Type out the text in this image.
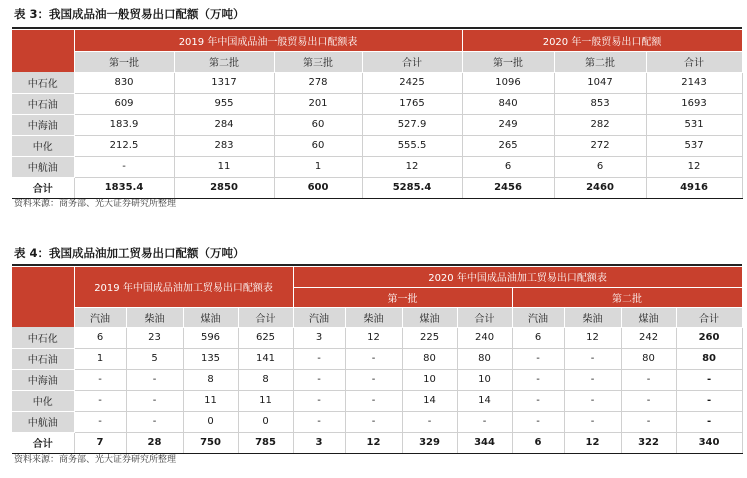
表 3：我国成品油一般贸易出口配额（万吨）
	2019 年中国成品油一般贸易出口配额表				2020 年一般贸易出口配额		
	第一批	第二批	第三批	合计	第一批	第二批	合计
中石化	830	1317	278	2425	1096	1047	2143
中石油	609	955	201	1765	840	853	1693
中海油	183.9	284	60	527.9	249	282	531
中化	212.5	283	60	555.5	265	272	537
中航油	-	11	1	12	6	6	12
合计	1835.4	2850	600	5285.4	2456	2460	4916
资料来源：商务部、光大证券研究所整理
表 4：我国成品油加工贸易出口配额（万吨）
	2019 年中国成品油加工贸易出口配额表				2020 年中国成品油加工贸易出口配额表							
					第一批				第二批			
	汽油	柴油	煤油	合计	汽油	柴油	煤油	合计	汽油	柴油	煤油	合计
中石化	6	23	596	625	3	12	225	240	6	12	242	260
中石油	1	5	135	141	-	-	80	80	-	-	80	80
中海油	-	-	8	8	-	-	10	10	-	-	-	-
中化	-	-	11	11	-	-	14	14	-	-	-	-
中航油	-	-	0	0	-	-	-	-	-	-	-	-
合计	7	28	750	785	3	12	329	344	6	12	322	340
资料来源：商务部、光大证券研究所整理
